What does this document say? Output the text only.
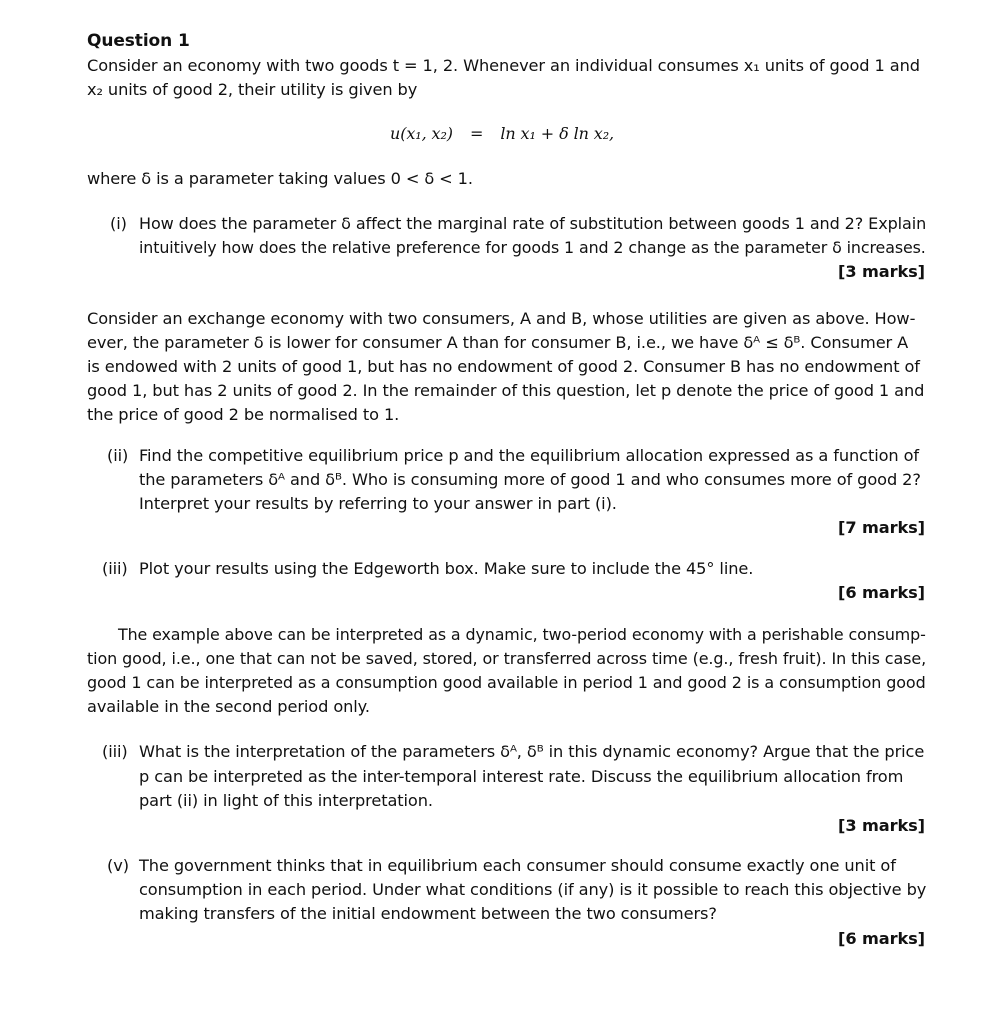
Question 1
Consider an economy with two goods t = 1, 2. Whenever an individual consumes x₁ units of good 1 and
x₂ units of good 2, their utility is given by
u(x₁, x₂) = ln x₁ + δ ln x₂,
where δ is a parameter taking values 0 < δ < 1.
(i) How does the parameter δ affect the marginal rate of substitution between goods 1 and 2? Explain
intuitively how does the relative preference for goods 1 and 2 change as the parameter δ increases.
[3 marks]
Consider an exchange economy with two consumers, A and B, whose utilities are given as above. How-
ever, the parameter δ is lower for consumer A than for consumer B, i.e., we have δᴬ ≤ δᴮ. Consumer A
is endowed with 2 units of good 1, but has no endowment of good 2. Consumer B has no endowment of
good 1, but has 2 units of good 2. In the remainder of this question, let p denote the price of good 1 and
the price of good 2 be normalised to 1.
(ii) Find the competitive equilibrium price p and the equilibrium allocation expressed as a function of
the parameters δᴬ and δᴮ. Who is consuming more of good 1 and who consumes more of good 2?
Interpret your results by referring to your answer in part (i).
[7 marks]
(iii) Plot your results using the Edgeworth box. Make sure to include the 45° line.
[6 marks]
The example above can be interpreted as a dynamic, two-period economy with a perishable consump-
tion good, i.e., one that can not be saved, stored, or transferred across time (e.g., fresh fruit). In this case,
good 1 can be interpreted as a consumption good available in period 1 and good 2 is a consumption good
available in the second period only.
(iii) What is the interpretation of the parameters δᴬ, δᴮ in this dynamic economy? Argue that the price
p can be interpreted as the inter-temporal interest rate. Discuss the equilibrium allocation from
part (ii) in light of this interpretation.
[3 marks]
(v) The government thinks that in equilibrium each consumer should consume exactly one unit of
consumption in each period. Under what conditions (if any) is it possible to reach this objective by
making transfers of the initial endowment between the two consumers?
[6 marks]
